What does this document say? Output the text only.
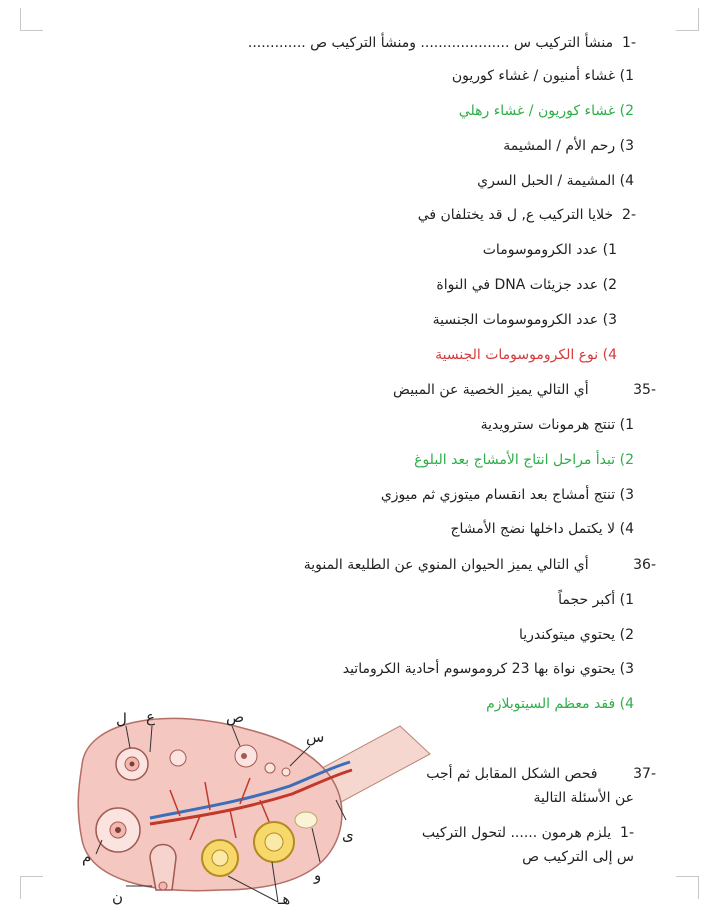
-1  منشأ التركيب س .................... ومنشأ التركيب ص .............
1) غشاء أمنيون / غشاء كوريون
2) غشاء كوريون / غشاء رهلي
3) رحم الأم / المشيمة
4) المشيمة / الحبل السري
-2  خلايا التركيب ع, ل قد يختلفان في
1) عدد الكروموسومات
2) عدد جزيئات DNA في النواة
3) عدد الكروموسومات الجنسية
4) نوع الكروموسومات الجنسية
-35          أي التالي يميز الخصية عن المبيض
1) تنتج هرمونات سترويدية
2) تبدأ مراحل انتاج الأمشاج بعد البلوغ
3) تنتج أمشاج بعد انقسام ميتوزي ثم ميوزي
4) لا يكتمل داخلها نضج الأمشاج
-36          أي التالي يميز الحيوان المنوي عن الطليعة المنوية
1) أكبر حجماً
2) يحتوي ميتوكندريا
3) يحتوي نواة بها 23 كروموسوم أحادية الكروماتيد
4) فقد معظم السيتوبلازم
-37        فحص الشكل المقابل ثم أجب
عن الأسئلة التالية
-1  يلزم هرمون ...... لتحول التركيب
س إلى التركيب ص
ل ع	ص
س
ى
م
ن
و
هـ
